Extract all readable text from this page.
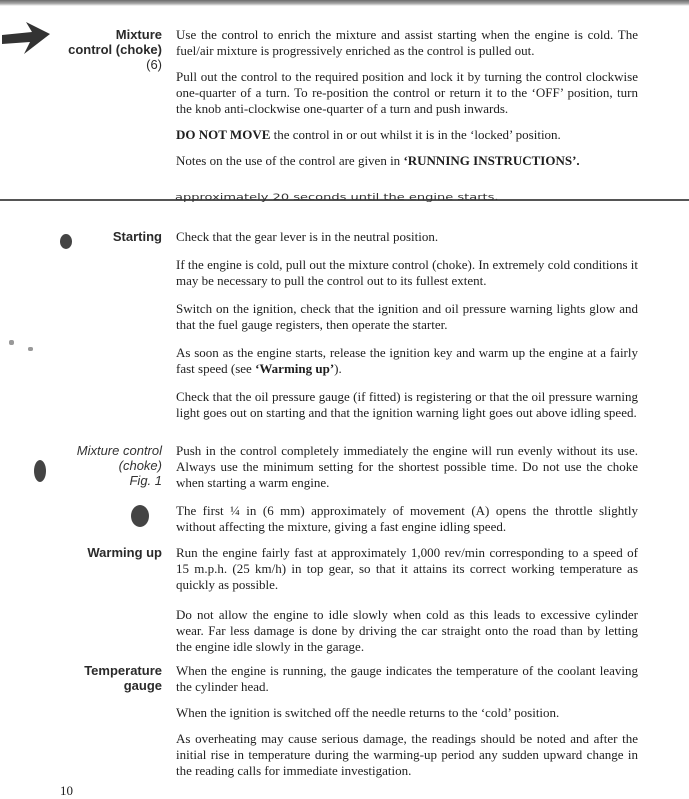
Mixture
control (choke)

(6)

Use the control to enrich the mixture and assist starting when the engine is cold. The fuel/air mixture is progressively enriched as the control is pulled out.

Pull out the control to the required position and lock it by turning the control clockwise one-quarter of a turn. To re-position the control or return it to the ‘OFF’ position, turn the knob anti-clockwise one-quarter of a turn and push inwards.

DO NOT MOVE the control in or out whilst it is in the ‘locked’ position.

Notes on the use of the control are given in ‘RUNNING INSTRUCTIONS’.

approximately 20 seconds until the engine starts.
Starting Check that the gear lever is in the neutral position.

If the engine is cold, pull out the mixture control (choke). In extremely cold conditions it may be necessary to pull the control out to its fullest extent.

Switch on the ignition, check that the ignition and oil pressure warning lights glow and that the fuel gauge registers, then operate the starter.

As soon as the engine starts, release the ignition key and warm up the engine at a fairly fast speed (see ‘Warming up’).

Check that the oil pressure gauge (if fitted) is registering or that the oil pressure warning light goes out on starting and that the ignition warning light goes out above idling speed.

Mixture control
(choke)
Fig. 1

Push in the control completely immediately the engine will run evenly without its use. Always use the minimum setting for the shortest possible time. Do not use the choke when starting a warm engine.

The first ¼ in (6 mm) approximately of movement (A) opens the throttle slightly without affecting the mixture, giving a fast engine idling speed.

Warming up Run the engine fairly fast at approximately 1,000 rev/min corresponding to a speed of 15 m.p.h. (25 km/h) in top gear, so that it attains its correct working temperature as quickly as possible.

Do not allow the engine to idle slowly when cold as this leads to excessive cylinder wear. Far less damage is done by driving the car straight onto the road than by letting the engine idle slowly in the garage.

Temperature
gauge

When the engine is running, the gauge indicates the temperature of the coolant leaving the cylinder head.

When the ignition is switched off the needle returns to the ‘cold’ position.

As overheating may cause serious damage, the readings should be noted and after the initial rise in temperature during the warming-up period any sudden upward change in the reading calls for immediate investigation.

10
